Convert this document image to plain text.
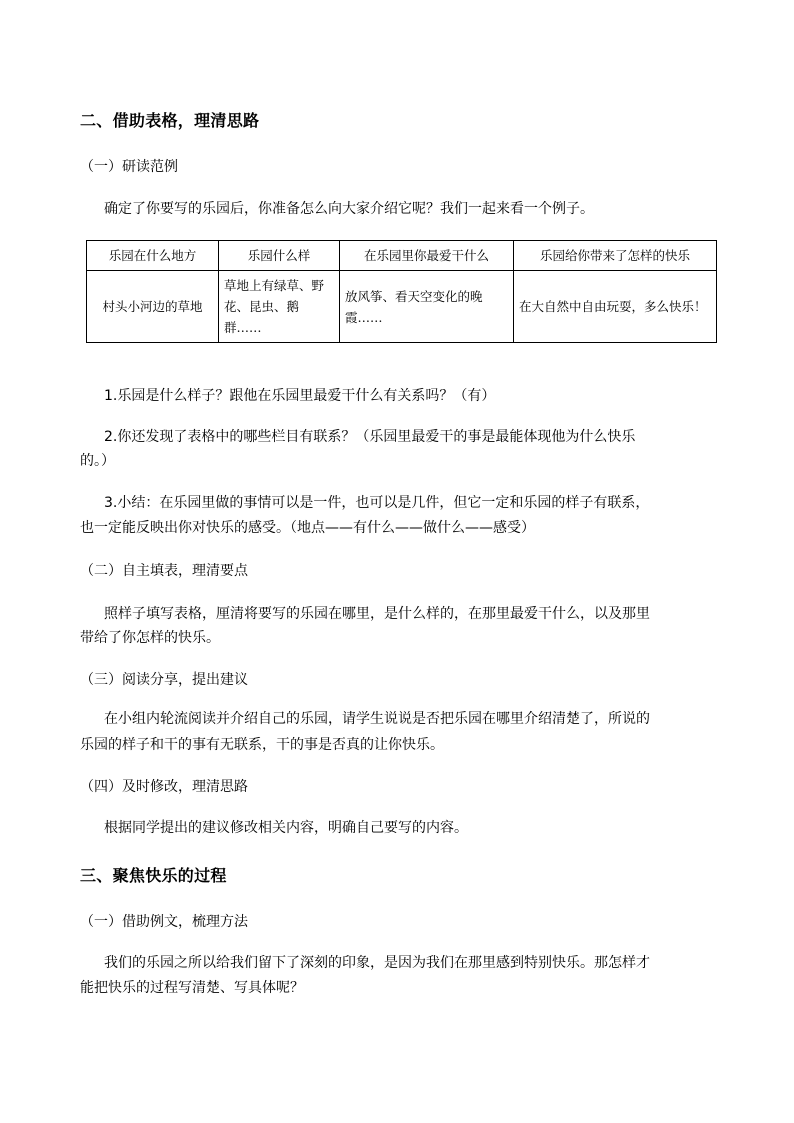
二、借助表格，理清思路
（一）研读范例
确定了你要写的乐园后，你准备怎么向大家介绍它呢？我们一起来看一个例子。
乐园在什么地方	乐园什么样	在乐园里你最爱干什么	乐园给你带来了怎样的快乐
村头小河边的草地	草地上有绿草、野花、昆虫、鹅群……	放风筝、看天空变化的晚霞……	在大自然中自由玩耍，多么快乐！
1.乐园是什么样子？跟他在乐园里最爱干什么有关系吗？（有）
2.你还发现了表格中的哪些栏目有联系？（乐园里最爱干的事是最能体现他为什么快乐
的。）
3.小结：在乐园里做的事情可以是一件，也可以是几件，但它一定和乐园的样子有联系，
也一定能反映出你对快乐的感受。（地点——有什么——做什么——感受）
（二）自主填表，理清要点
照样子填写表格，厘清将要写的乐园在哪里，是什么样的，在那里最爱干什么，以及那里
带给了你怎样的快乐。
（三）阅读分享，提出建议
在小组内轮流阅读并介绍自己的乐园，请学生说说是否把乐园在哪里介绍清楚了，所说的
乐园的样子和干的事有无联系，干的事是否真的让你快乐。
（四）及时修改，理清思路
根据同学提出的建议修改相关内容，明确自己要写的内容。
三、聚焦快乐的过程
（一）借助例文，梳理方法
我们的乐园之所以给我们留下了深刻的印象，是因为我们在那里感到特别快乐。那怎样才
能把快乐的过程写清楚、写具体呢？
